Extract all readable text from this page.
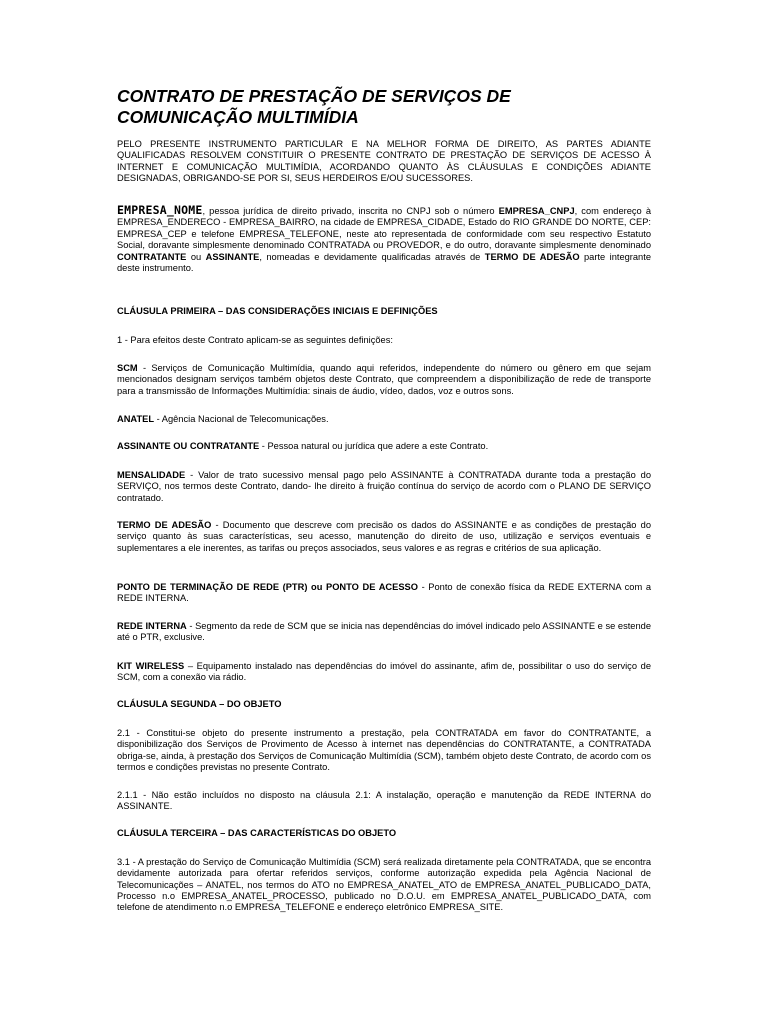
CONTRATO DE PRESTAÇÃO DE SERVIÇOS DE
COMUNICAÇÃO MULTIMÍDIA

PELO PRESENTE INSTRUMENTO PARTICULAR E NA MELHOR FORMA DE DIREITO, AS PARTES ADIANTE QUALIFICADAS RESOLVEM CONSTITUIR O PRESENTE CONTRATO DE PRESTAÇÃO DE SERVIÇOS DE ACESSO À INTERNET E COMUNICAÇÃO MULTIMÍDIA, ACORDANDO QUANTO ÀS CLÁUSULAS E CONDIÇÕES ADIANTE DESIGNADAS, OBRIGANDO-SE POR SI, SEUS HERDEIROS E/OU SUCESSORES.

EMPRESA_NOME, pessoa jurídica de direito privado, inscrita no CNPJ sob o número EMPRESA_CNPJ, com endereço à EMPRESA_ENDERECO - EMPRESA_BAIRRO, na cidade de EMPRESA_CIDADE, Estado do RIO GRANDE DO NORTE, CEP: EMPRESA_CEP e telefone EMPRESA_TELEFONE, neste ato representada de conformidade com seu respectivo Estatuto Social, doravante simplesmente denominado CONTRATADA ou PROVEDOR, e do outro, doravante simplesmente denominado CONTRATANTE ou ASSINANTE, nomeadas e devidamente qualificadas através de TERMO DE ADESÃO parte integrante deste instrumento.

CLÁUSULA PRIMEIRA – DAS CONSIDERAÇÕES INICIAIS E DEFINIÇÕES

1 - Para efeitos deste Contrato aplicam-se as seguintes definições:

SCM - Serviços de Comunicação Multimídia, quando aqui referidos, independente do número ou gênero em que sejam mencionados designam serviços também objetos deste Contrato, que compreendem a disponibilização de rede de transporte para a transmissão de Informações Multimídia: sinais de áudio, vídeo, dados, voz e outros sons.

ANATEL - Agência Nacional de Telecomunicações.

ASSINANTE OU CONTRATANTE - Pessoa natural ou jurídica que adere a este Contrato.

MENSALIDADE - Valor de trato sucessivo mensal pago pelo ASSINANTE à CONTRATADA durante toda a prestação do SERVIÇO, nos termos deste Contrato, dando- lhe direito à fruição contínua do serviço de acordo com o PLANO DE SERVIÇO contratado.

TERMO DE ADESÃO - Documento que descreve com precisão os dados do ASSINANTE e as condições de prestação do serviço quanto às suas características, seu acesso, manutenção do direito de uso, utilização e serviços eventuais e suplementares a ele inerentes, as tarifas ou preços associados, seus valores e as regras e critérios de sua aplicação.

PONTO DE TERMINAÇÃO DE REDE (PTR) ou PONTO DE ACESSO - Ponto de conexão física da REDE EXTERNA com a REDE INTERNA.

REDE INTERNA - Segmento da rede de SCM que se inicia nas dependências do imóvel indicado pelo ASSINANTE e se estende até o PTR, exclusive.

KIT WIRELESS – Equipamento instalado nas dependências do imóvel do assinante, afim de, possibilitar o uso do serviço de SCM, com a conexão via rádio.

CLÁUSULA SEGUNDA – DO OBJETO

2.1 - Constitui-se objeto do presente instrumento a prestação, pela CONTRATADA em favor do CONTRATANTE, a disponibilização dos Serviços de Provimento de Acesso à internet nas dependências do CONTRATANTE, a CONTRATADA obriga-se, ainda, à prestação dos Serviços de Comunicação Multimídia (SCM), também objeto deste Contrato, de acordo com os termos e condições previstas no presente Contrato.

2.1.1 - Não estão incluídos no disposto na cláusula 2.1: A instalação, operação e manutenção da REDE INTERNA do ASSINANTE.

CLÁUSULA TERCEIRA – DAS CARACTERÍSTICAS DO OBJETO

3.1 - A prestação do Serviço de Comunicação Multimídia (SCM) será realizada diretamente pela CONTRATADA, que se encontra devidamente autorizada para ofertar referidos serviços, conforme autorização expedida pela Agência Nacional de Telecomunicações – ANATEL, nos termos do ATO no EMPRESA_ANATEL_ATO de EMPRESA_ANATEL_PUBLICADO_DATA, Processo n.o EMPRESA_ANATEL_PROCESSO, publicado no D.O.U. em EMPRESA_ANATEL_PUBLICADO_DATA, com telefone de atendimento n.o EMPRESA_TELEFONE e endereço eletrônico EMPRESA_SITE.
